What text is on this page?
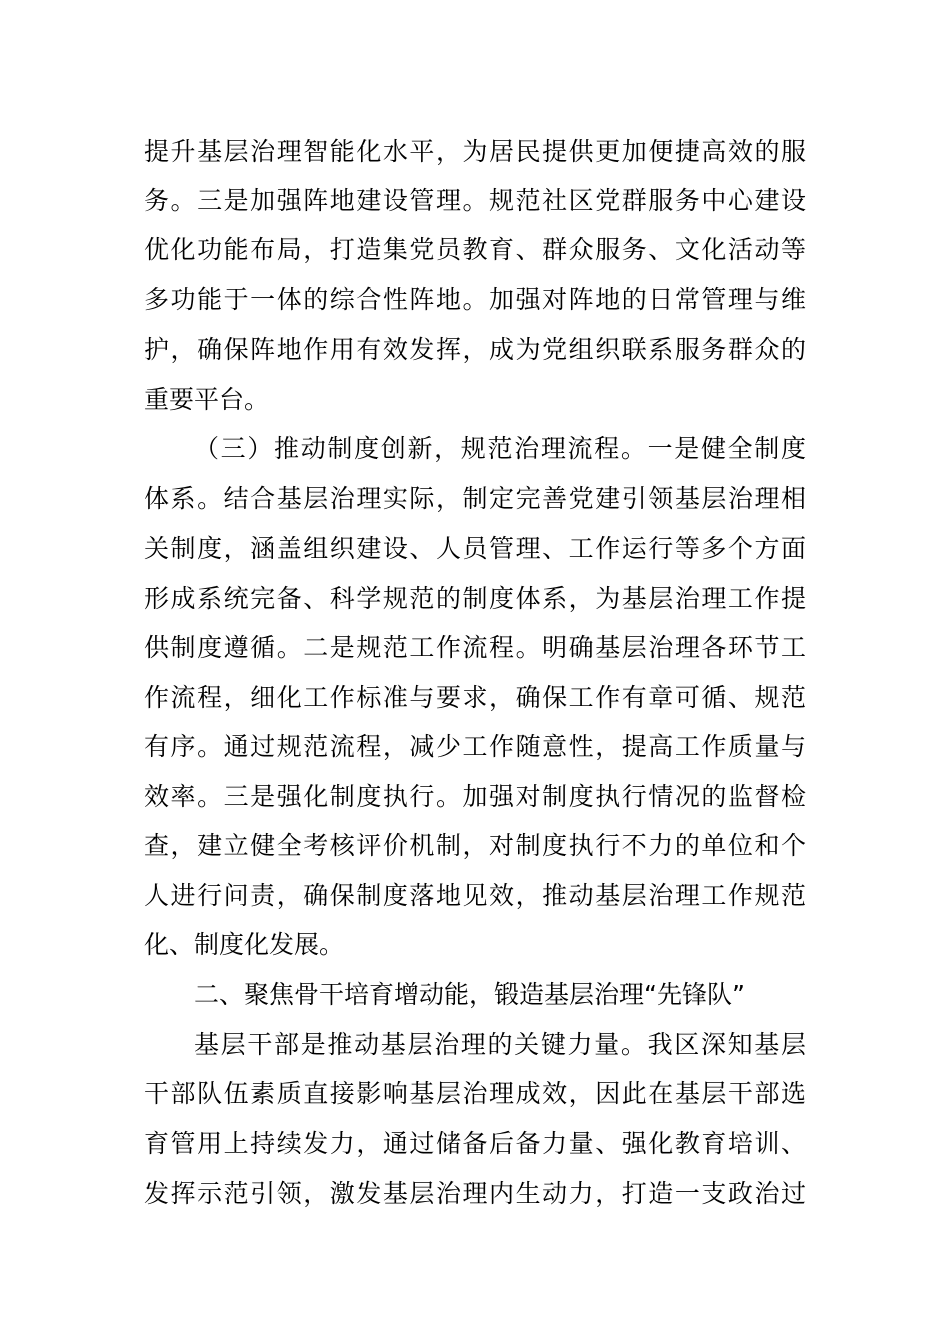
提升基层治理智能化水平，为居民提供更加便捷高效的服
务。三是加强阵地建设管理。规范社区党群服务中心建设
优化功能布局，打造集党员教育、群众服务、文化活动等
多功能于一体的综合性阵地。加强对阵地的日常管理与维
护，确保阵地作用有效发挥，成为党组织联系服务群众的
重要平台。
（三）推动制度创新，规范治理流程。一是健全制度
体系。结合基层治理实际，制定完善党建引领基层治理相
关制度，涵盖组织建设、人员管理、工作运行等多个方面
形成系统完备、科学规范的制度体系，为基层治理工作提
供制度遵循。二是规范工作流程。明确基层治理各环节工
作流程，细化工作标准与要求，确保工作有章可循、规范
有序。通过规范流程，减少工作随意性，提高工作质量与
效率。三是强化制度执行。加强对制度执行情况的监督检
查，建立健全考核评价机制，对制度执行不力的单位和个
人进行问责，确保制度落地见效，推动基层治理工作规范
化、制度化发展。
二、聚焦骨干培育增动能，锻造基层治理“先锋队”
基层干部是推动基层治理的关键力量。我区深知基层
干部队伍素质直接影响基层治理成效，因此在基层干部选
育管用上持续发力，通过储备后备力量、强化教育培训、
发挥示范引领，激发基层治理内生动力，打造一支政治过
